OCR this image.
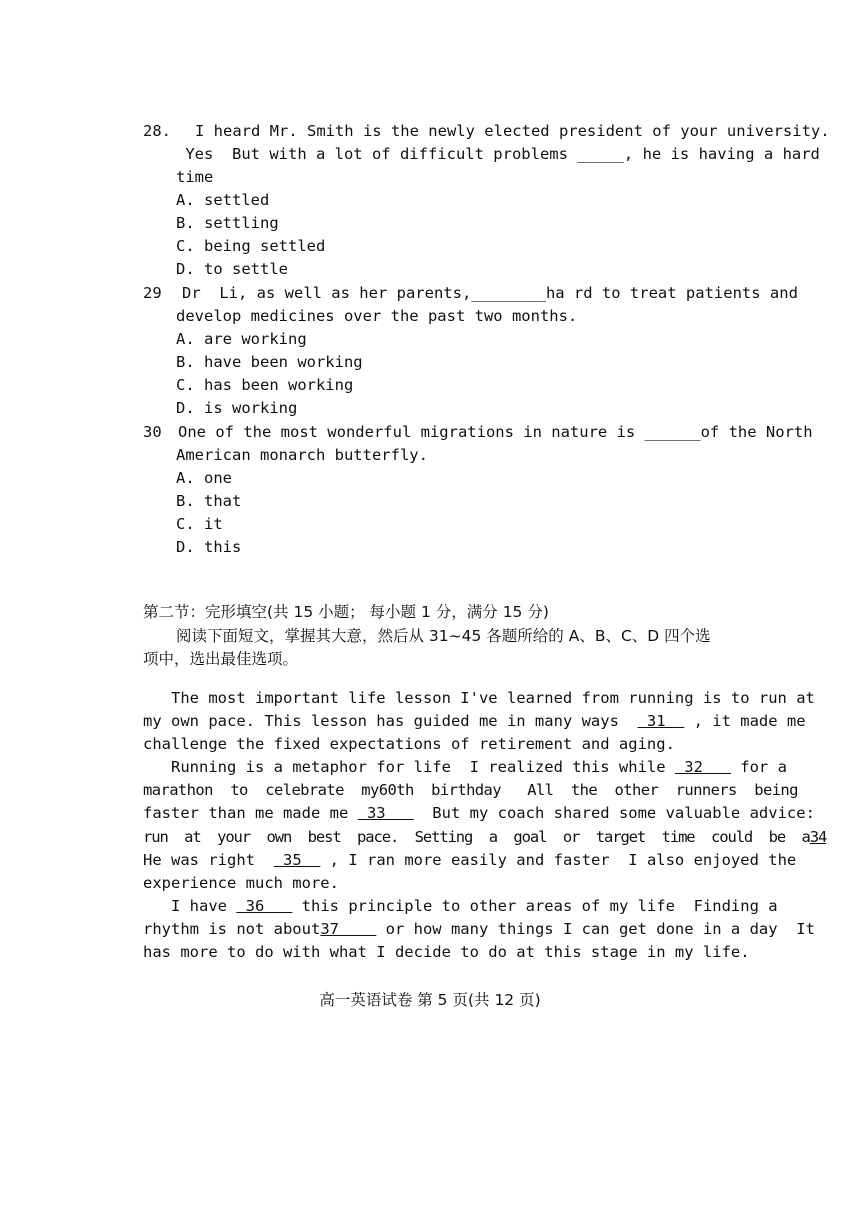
28. I heard Mr. Smith is the newly elected president of your university.
Yes  But with a lot of difficult problems _____, he is having a hard
time
A. settled
B. settling
C. being settled
D. to settle
29 Dr  Li, as well as her parents,________ha rd to treat patients and
develop medicines over the past two months.
A. are working
B. have been working
C. has been working
D. is working
30 One of the most wonderful migrations in nature is ______of the North
American monarch butterfly.
A. one
B. that
C. it
D. this
第二节：完形填空(共 15 小题； 每小题 1 分，满分 15 分)
阅读下面短文，掌握其大意，然后从 31~45 各题所给的 A、B、C、D 四个选
项中，选出最佳选项。
The most important life lesson I've learned from running is to run at
my own pace. This lesson has guided me in many ways   31   , it made me
challenge the fixed expectations of retirement and aging.
Running is a metaphor for life  I realized this while  32    for a
marathon  to  celebrate  my60th  birthday   All  the  other  runners  being
faster than me made me  33     But my coach shared some valuable advice:
run  at  your  own  best  pace.  Setting  a  goal  or  target  time  could  be  a34
He was right   35   , I ran more easily and faster  I also enjoyed the
experience much more.
I have  36    this principle to other areas of my life  Finding a
rhythm is not about37     or how many things I can get done in a day  It
has more to do with what I decide to do at this stage in my life.
高一英语试卷 第 5 页(共 12 页)
